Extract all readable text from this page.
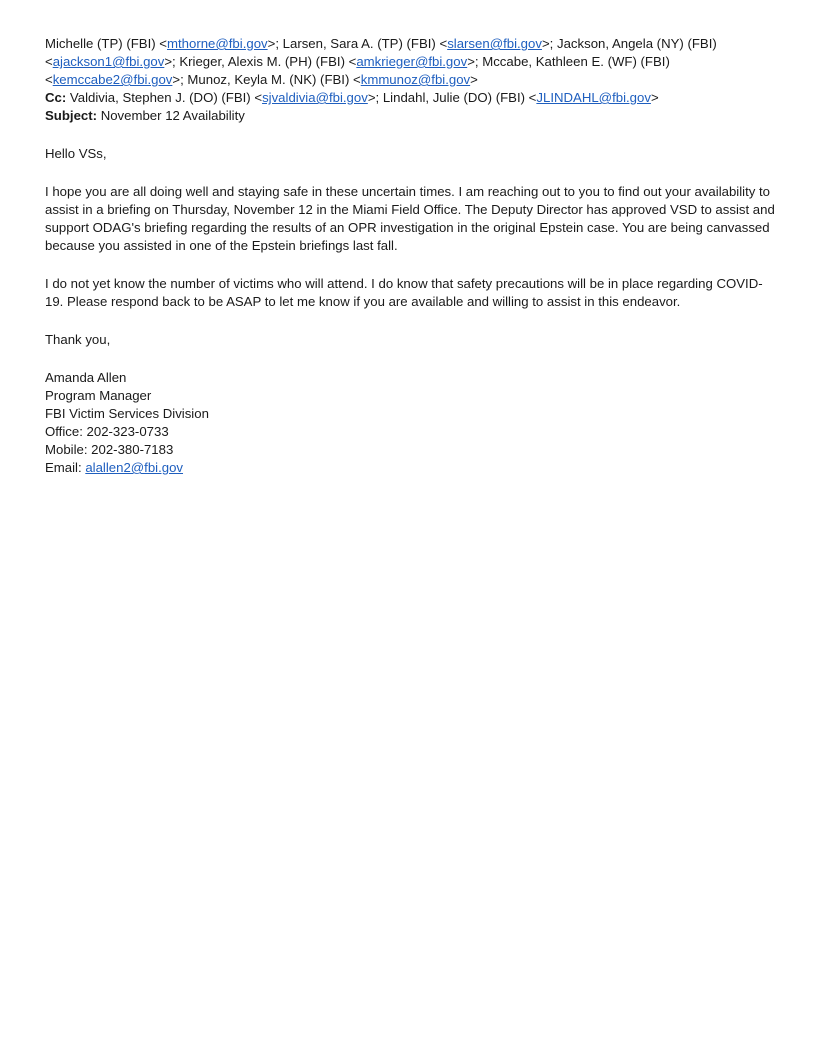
Michelle (TP) (FBI) <mthorne@fbi.gov>; Larsen, Sara A. (TP) (FBI) <slarsen@fbi.gov>; Jackson, Angela (NY) (FBI)
<ajackson1@fbi.gov>; Krieger, Alexis M. (PH) (FBI) <amkrieger@fbi.gov>; Mccabe, Kathleen E. (WF) (FBI)
<kemccabe2@fbi.gov>; Munoz, Keyla M. (NK) (FBI) <kmmunoz@fbi.gov>
Cc: Valdivia, Stephen J. (DO) (FBI) <sjvaldivia@fbi.gov>; Lindahl, Julie (DO) (FBI) <JLINDAHL@fbi.gov>
Subject: November 12 Availability
Hello VSs,
I hope you are all doing well and staying safe in these uncertain times. I am reaching out to you to find out your availability to assist in a briefing on Thursday, November 12 in the Miami Field Office. The Deputy Director has approved VSD to assist and support ODAG's briefing regarding the results of an OPR investigation in the original Epstein case. You are being canvassed because you assisted in one of the Epstein briefings last fall.
I do not yet know the number of victims who will attend. I do know that safety precautions will be in place regarding COVID-19. Please respond back to be ASAP to let me know if you are available and willing to assist in this endeavor.
Thank you,
Amanda Allen
Program Manager
FBI Victim Services Division
Office: 202-323-0733
Mobile: 202-380-7183
Email: alallen2@fbi.gov
